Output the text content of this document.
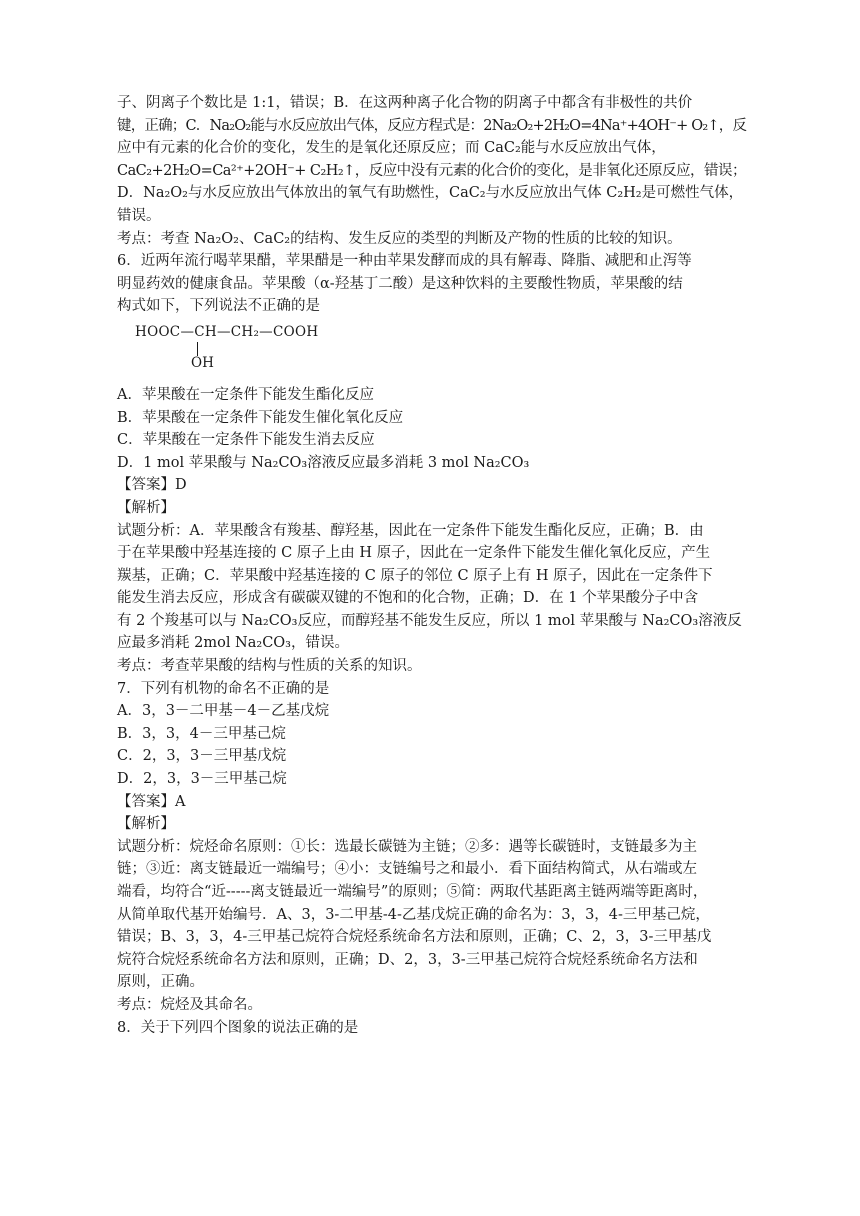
子、阴离子个数比是 1:1，错误；B．在这两种离子化合物的阴离子中都含有非极性的共价
键，正确；C．Na₂O₂能与水反应放出气体，反应方程式是：2Na₂O₂+2H₂O=4Na⁺+4OH⁻+ O₂↑，反
应中有元素的化合价的变化，发生的是氧化还原反应；而 CaC₂能与水反应放出气体，
CaC₂+2H₂O=Ca²⁺+2OH⁻+ C₂H₂↑，反应中没有元素的化合价的变化，是非氧化还原反应，错误；
D．Na₂O₂与水反应放出气体放出的氧气有助燃性，CaC₂与水反应放出气体 C₂H₂是可燃性气体，
错误。
考点：考查 Na₂O₂、CaC₂的结构、发生反应的类型的判断及产物的性质的比较的知识。
6．近两年流行喝苹果醋，苹果醋是一种由苹果发酵而成的具有解毒、降脂、减肥和止泻等
明显药效的健康食品。苹果酸（α-羟基丁二酸）是这种饮料的主要酸性物质，苹果酸的结
构式如下，下列说法不正确的是
HOOC—CH—CH₂—COOH
OH
A．苹果酸在一定条件下能发生酯化反应
B．苹果酸在一定条件下能发生催化氧化反应
C．苹果酸在一定条件下能发生消去反应
D．1 mol 苹果酸与 Na₂CO₃溶液反应最多消耗 3 mol Na₂CO₃
【答案】D
【解析】
试题分析：A．苹果酸含有羧基、醇羟基，因此在一定条件下能发生酯化反应，正确；B．由
于在苹果酸中羟基连接的 C 原子上由 H 原子，因此在一定条件下能发生催化氧化反应，产生
羰基，正确；C．苹果酸中羟基连接的 C 原子的邻位 C 原子上有 H 原子，因此在一定条件下
能发生消去反应，形成含有碳碳双键的不饱和的化合物，正确；D．在 1 个苹果酸分子中含
有 2 个羧基可以与 Na₂CO₃反应，而醇羟基不能发生反应，所以 1 mol 苹果酸与 Na₂CO₃溶液反
应最多消耗 2mol Na₂CO₃，错误。
考点：考查苹果酸的结构与性质的关系的知识。
7．下列有机物的命名不正确的是
A．3，3－二甲基－4－乙基戊烷
B．3，3，4－三甲基己烷
C．2，3，3－三甲基戊烷
D．2，3，3－三甲基己烷
【答案】A
【解析】
试题分析：烷烃命名原则：①长：选最长碳链为主链；②多：遇等长碳链时，支链最多为主
链；③近：离支链最近一端编号；④小：支链编号之和最小．看下面结构简式，从右端或左
端看，均符合“近-----离支链最近一端编号”的原则；⑤简：两取代基距离主链两端等距离时，
从简单取代基开始编号．A、3，3-二甲基-4-乙基戊烷正确的命名为：3，3，4-三甲基己烷，
错误；B、3，3，4-三甲基己烷符合烷烃系统命名方法和原则，正确；C、2，3，3-三甲基戊
烷符合烷烃系统命名方法和原则，正确；D、2，3，3-三甲基己烷符合烷烃系统命名方法和
原则，正确。
考点：烷烃及其命名。
8．关于下列四个图象的说法正确的是
